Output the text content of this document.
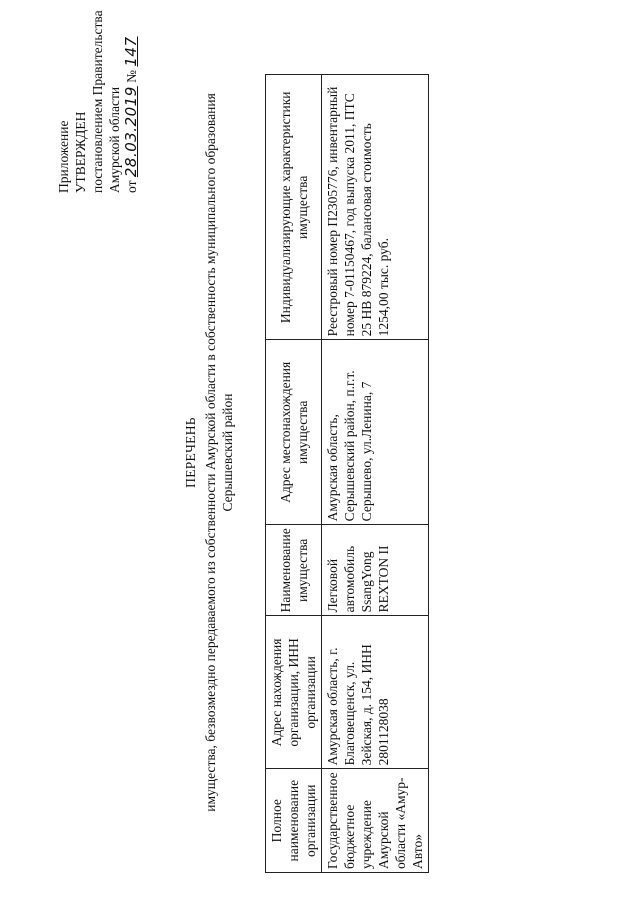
Приложение УТВЕРЖДЕН постановлением Правительства Амурской области от 28.03.2019 № 147
ПЕРЕЧЕНЬ имущества, безвозмездно передаваемого из собственности Амурской области в собственность муниципального образования Серышевский район
Полное наименование организации	Адрес нахождения организации, ИНН организации	Наименование имущества	Адрес местонахождения имущества	Индивидуализирующие характеристики имущества
Государственное бюджетное учреждение Амурской области «Амур-Авто»	Амурская область, г. Благовещенск, ул. Зейская, д. 154, ИНН 2801128038	Легковой автомобиль SsangYong REXTON II	Амурская область, Серышевский район, п.г.т. Серышево, ул.Ленина, 7	Реестровый номер П2305776, инвентарный номер 7-01150467, год выпуска 2011, ПТС 25 НВ 879224, балансовая стоимость 1254,00 тыс. руб.
